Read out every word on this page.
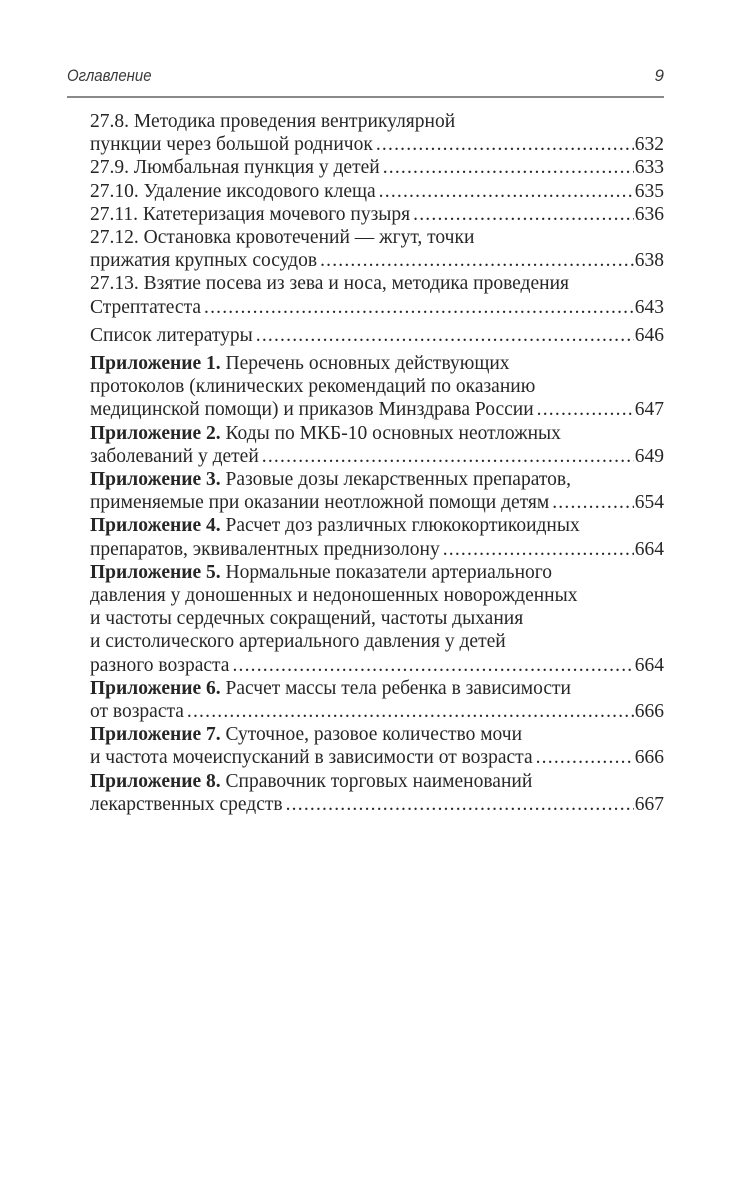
Оглавление	9
27.8. Методика проведения вентрикулярной
пункции через большой родничок .....	632
27.9. Люмбальная пункция у детей .....	633
27.10. Удаление иксодового клеща .....	635
27.11. Катетеризация мочевого пузыря .....	636
27.12. Остановка кровотечений — жгут, точки
прижатия крупных сосудов .....	638
27.13. Взятие посева из зева и носа, методика проведения
Стрептатеста .....	643
Список литературы .....	646
Приложение 1. Перечень основных действующих
протоколов (клинических рекомендаций по оказанию
медицинской помощи) и приказов Минздрава России .....	647
Приложение 2. Коды по МКБ-10 основных неотложных
заболеваний у детей .....	649
Приложение 3. Разовые дозы лекарственных препаратов,
применяемые при оказании неотложной помощи детям .....	654
Приложение 4. Расчет доз различных глюкокортикоидных
препаратов, эквивалентных преднизолону .....	664
Приложение 5. Нормальные показатели артериального
давления у доношенных и недоношенных новорожденных
и частоты сердечных сокращений, частоты дыхания
и систолического артериального давления у детей
разного возраста .....	664
Приложение 6. Расчет массы тела ребенка в зависимости
от возраста .....	666
Приложение 7. Суточное, разовое количество мочи
и частота мочеиспусканий в зависимости от возраста .....	666
Приложение 8. Справочник торговых наименований
лекарственных средств .....	667
